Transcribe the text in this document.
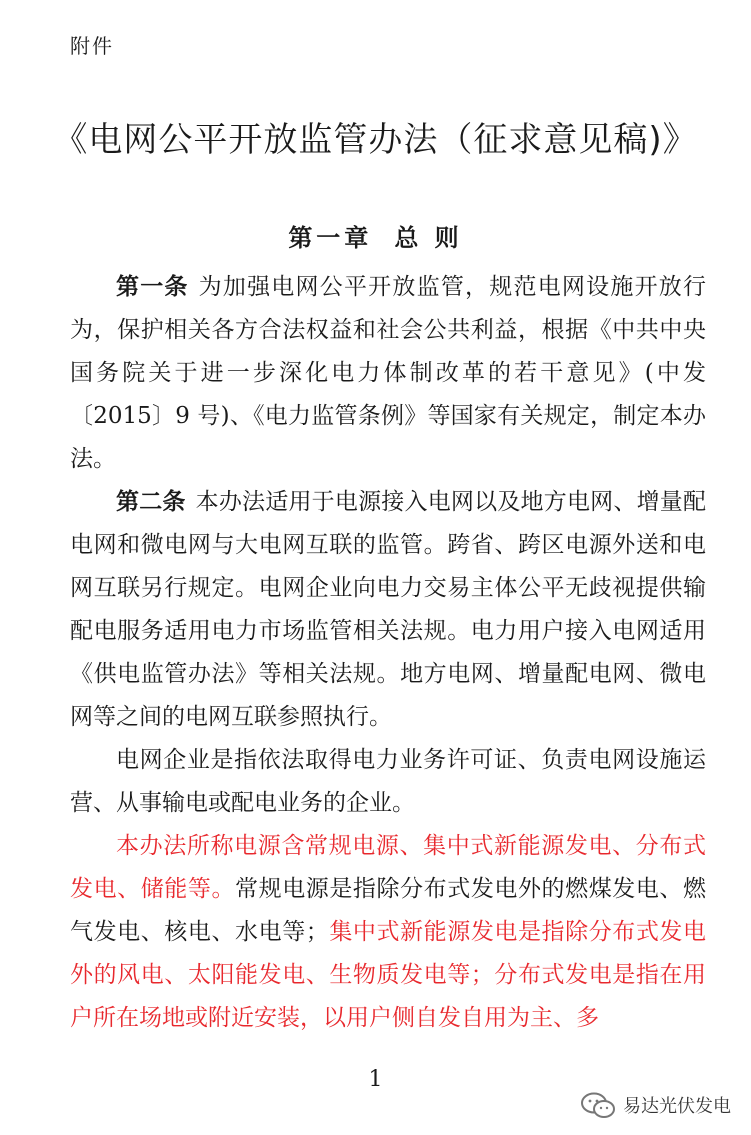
附件
《电网公平开放监管办法（征求意见稿)》
第一章 总 则

第一条 为加强电网公平开放监管，规范电网设施开放行为，保护相关各方合法权益和社会公共利益，根据《中共中央 国务院关于进一步深化电力体制改革的若干意见》(中发〔2015〕9 号)、《电力监管条例》等国家有关规定，制定本办法。

第二条 本办法适用于电源接入电网以及地方电网、增量配电网和微电网与大电网互联的监管。跨省、跨区电源外送和电网互联另行规定。电网企业向电力交易主体公平无歧视提供输配电服务适用电力市场监管相关法规。电力用户接入电网适用《供电监管办法》等相关法规。地方电网、增量配电网、微电网等之间的电网互联参照执行。

电网企业是指依法取得电力业务许可证、负责电网设施运营、从事输电或配电业务的企业。

本办法所称电源含常规电源、集中式新能源发电、分布式发电、储能等。常规电源是指除分布式发电外的燃煤发电、燃气发电、核电、水电等；集中式新能源发电是指除分布式发电外的风电、太阳能发电、生物质发电等；分布式发电是指在用户所在场地或附近安装，以用户侧自发自用为主、多

1
易达光伏发电
